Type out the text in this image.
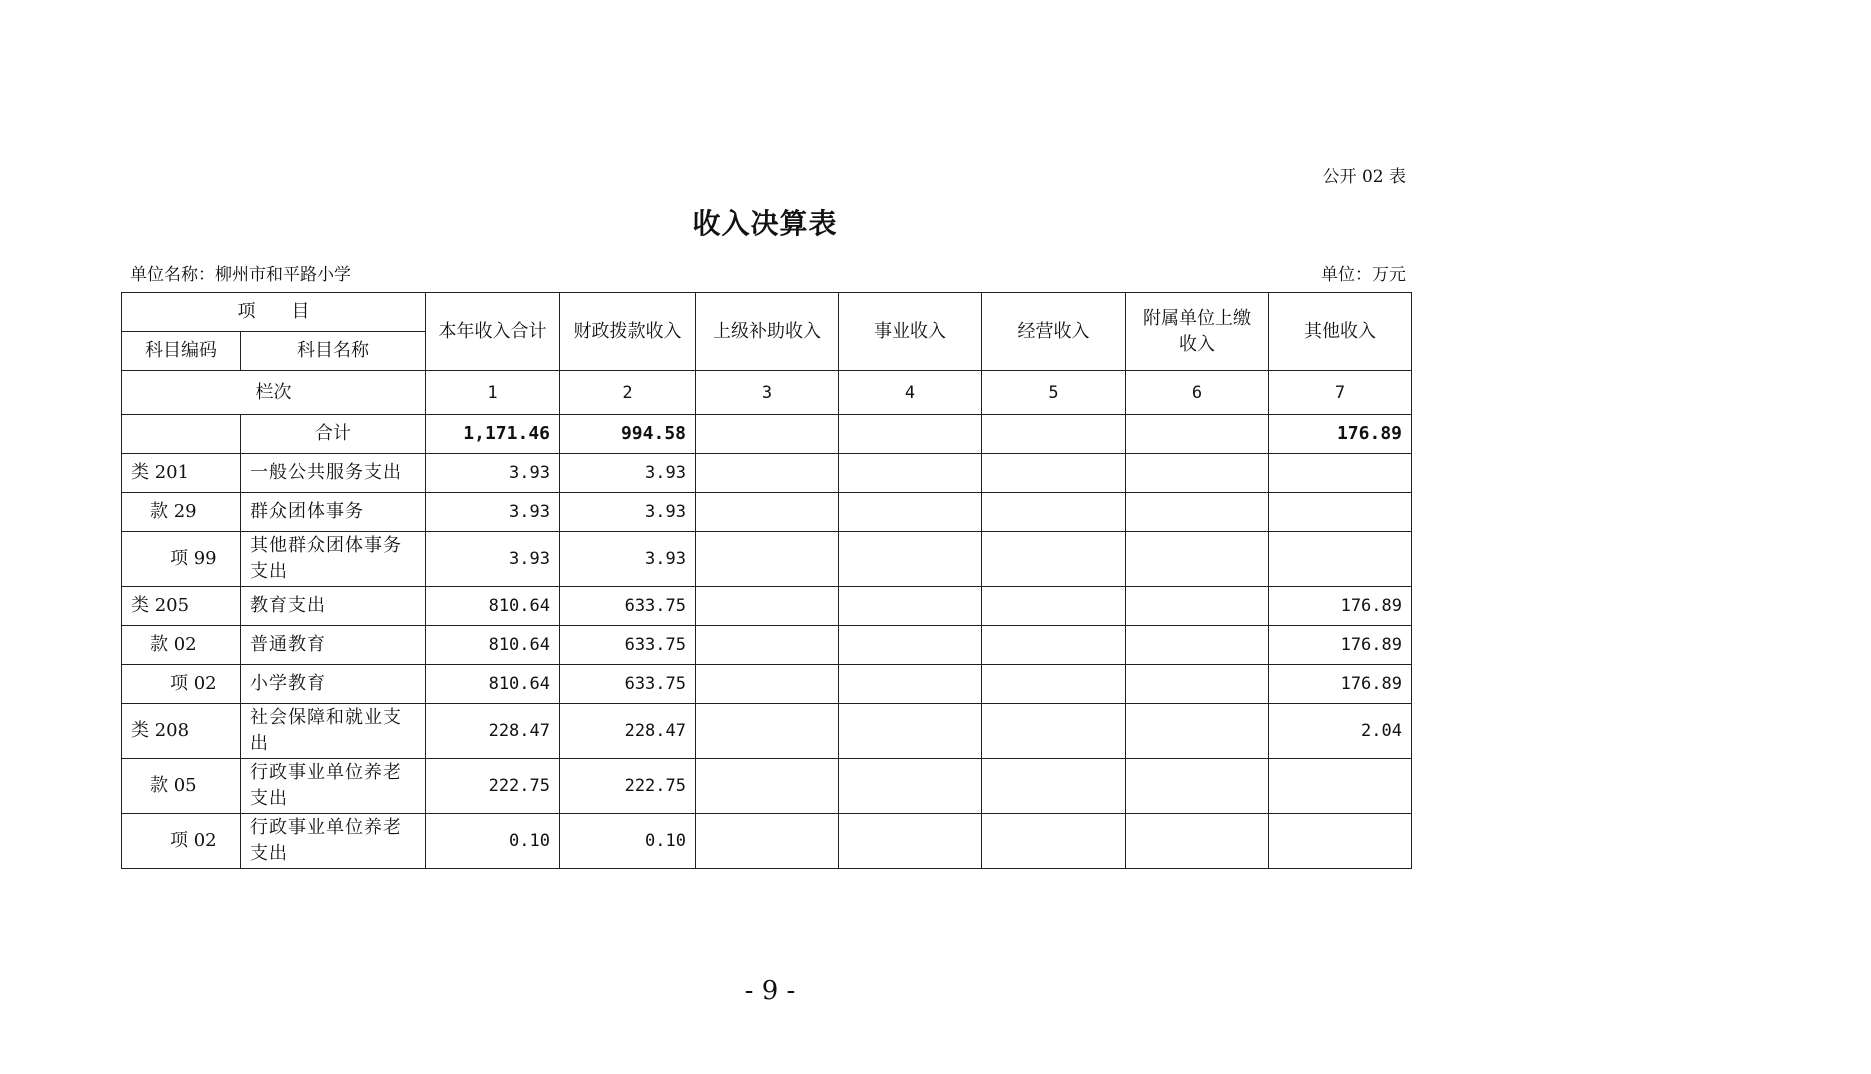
公开 02 表
收入决算表
单位名称：柳州市和平路小学	单位：万元
项　　目		本年收入合计	财政拨款收入	上级补助收入	事业收入	经营收入	附属单位上缴收入	其他收入
科目编码	科目名称							
栏次		1	2	3	4	5	6	7
	合计	1,171.46	994.58					176.89
类 201	一般公共服务支出	3.93	3.93					
款 29	群众团体事务	3.93	3.93					
项 99	其他群众团体事务支出	3.93	3.93					
类 205	教育支出	810.64	633.75					176.89
款 02	普通教育	810.64	633.75					176.89
项 02	小学教育	810.64	633.75					176.89
类 208	社会保障和就业支出	228.47	228.47					2.04
款 05	行政事业单位养老支出	222.75	222.75					
项 02	行政事业单位养老支出	0.10	0.10					
- 9 -
